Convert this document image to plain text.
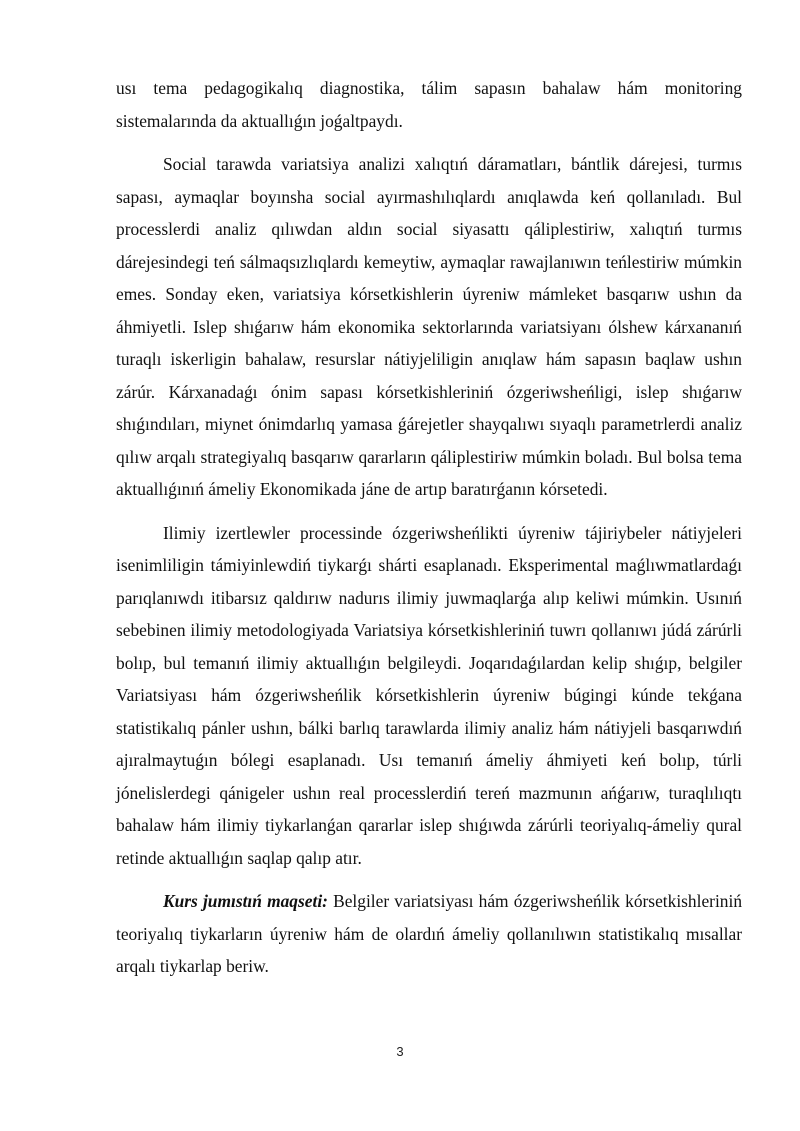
usı tema pedagogikalıq diagnostika, tálim sapasın bahalaw hám monitoring sistemalarında da aktuallıǵın joǵaltpaydı.

Social tarawda variatsiya analizi xalıqtıń dáramatları, bántlik dárejesi, turmıs sapası, aymaqlar boyınsha social ayırmashılıqlardı anıqlawda keń qollanıladı. Bul processlerdi analiz qılıwdan aldın social siyasattı qáliplestiriw, xalıqtıń turmıs dárejesindegi teń sálmaqsızlıqlardı kemeytiw, aymaqlar rawajlanıwın teńlestiriw múmkin emes. Sonday eken, variatsiya kórsetkishlerin úyreniw mámleket basqarıw ushın da áhmiyetli. Islep shıǵarıw hám ekonomika sektorlarında variatsiyanı ólshew kárxananıń turaqlı iskerligin bahalaw, resurslar nátiyjeliligin anıqlaw hám sapasın baqlaw ushın zárúr. Kárxanadaǵı ónim sapası kórsetkishleriniń ózgeriwsheńligi, islep shıǵarıw shıǵındıları, miynet ónimdarlıq yamasa ǵárejetler shayqalıwı sıyaqlı parametrlerdi analiz qılıw arqalı strategiyalıq basqarıw qararların qáliplestiriw múmkin boladı. Bul bolsa tema aktuallıǵınıń ámeliy Ekonomikada jáne de artıp baratırǵanın kórsetedi.

Ilimiy izertlewler processinde ózgeriwsheńlikti úyreniw tájiriybeler nátiyjeleri isenimliligin támiyinlewdiń tiykarǵı shárti esaplanadı. Eksperimental maǵlıwmatlardaǵı parıqlanıwdı itibarsız qaldırıw nadurıs ilimiy juwmaqlarǵa alıp keliwi múmkin. Usınıń sebebinen ilimiy metodologiyada Variatsiya kórsetkishleriniń tuwrı qollanıwı júdá zárúrli bolıp, bul temanıń ilimiy aktuallıǵın belgileydi. Joqarıdaǵılardan kelip shıǵıp, belgiler Variatsiyası hám ózgeriwsheńlik kórsetkishlerin úyreniw búgingi kúnde tekǵana statistikalıq pánler ushın, bálki barlıq tarawlarda ilimiy analiz hám nátiyjeli basqarıwdıń ajıralmaytuǵın bólegi esaplanadı. Usı temanıń ámeliy áhmiyeti keń bolıp, túrli jónelislerdegi qánigeler ushın real processlerdiń tereń mazmunın ańǵarıw, turaqlılıqtı bahalaw hám ilimiy tiykarlanǵan qararlar islep shıǵıwda zárúrli teoriyalıq-ámeliy qural retinde aktuallıǵın saqlap qalıp atır.

Kurs jumıstıń maqseti: Belgiler variatsiyası hám ózgeriwsheńlik kórsetkishleriniń teoriyalıq tiykarların úyreniw hám de olardıń ámeliy qollanılıwın statistikalıq mısallar arqalı tiykarlap beriw.

3
